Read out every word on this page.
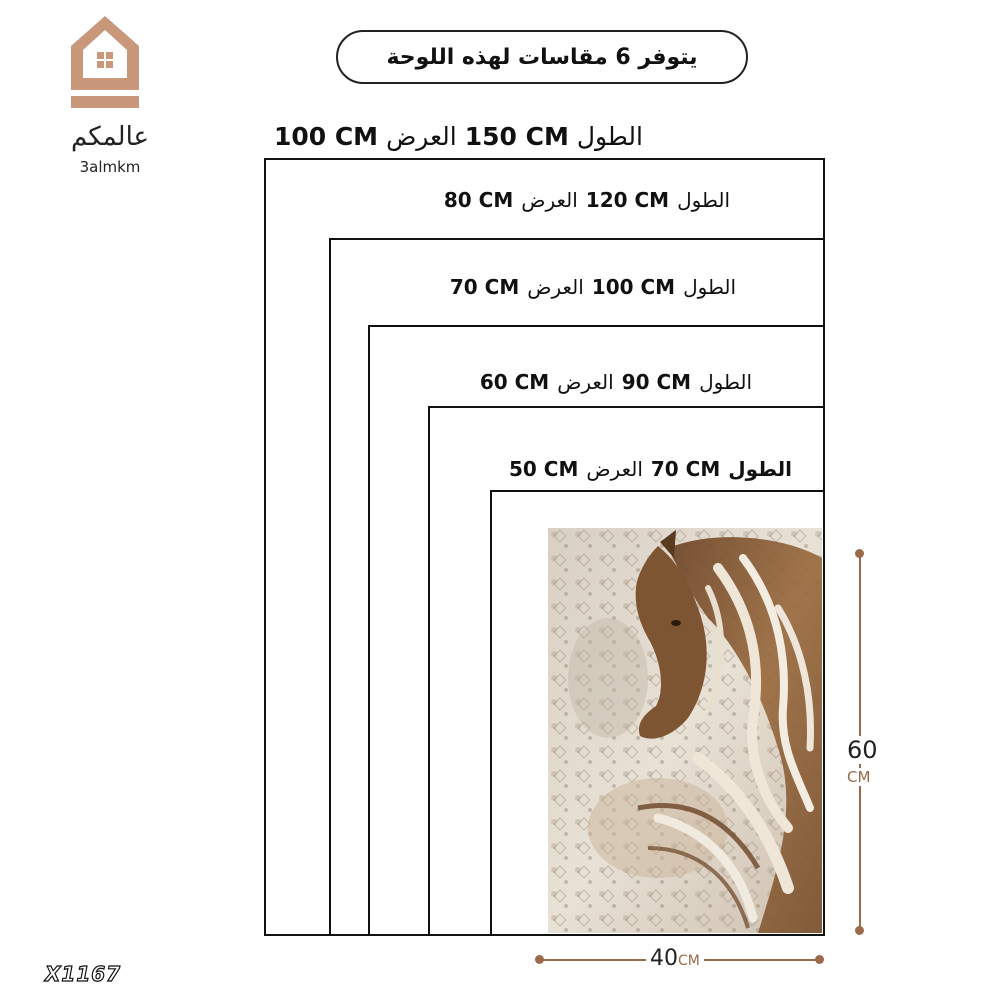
عالمكم
3almkm
يتوفر 6 مقاسات لهذه اللوحة
الطول
150 CM
العرض
100 CM
الطول
120 CM
العرض
80 CM
الطول
100 CM
العرض
70 CM
الطول
90 CM
العرض
60 CM
الطول
70 CM
العرض
50 CM
60
CM
40CM
X1167
